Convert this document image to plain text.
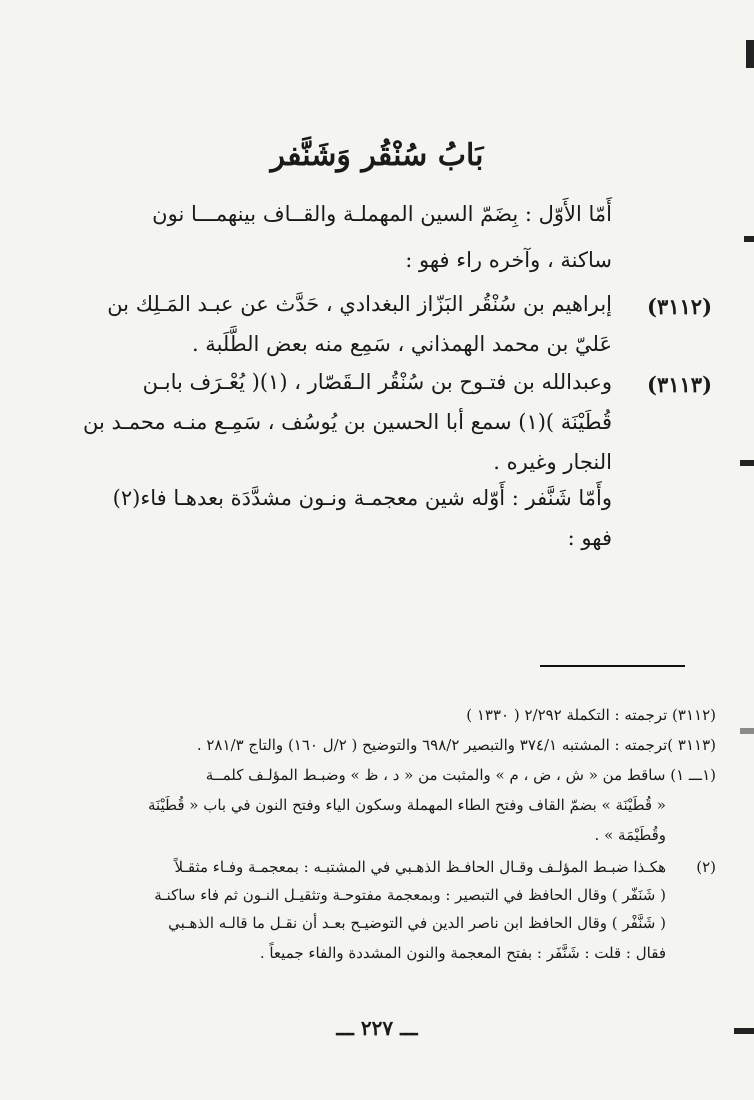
بَابُ سُنْقُر وَشَنَّفر
أَمّا الأَوّل : بِضَمّ السين المهملـة والقــاف بينهمـــا نون
ساكنة ، وآخره راء فهو :
(٣١١٢)
إبراهيم بن سُنْقُر البَزّاز البغدادي ، حَدَّث عن عبـد المَـلِك بن
عَليّ بن محمد الهمذاني ، سَمِع منه بعض الطَّلَبة .
(٣١١٣)
وعبدالله بن فتـوح بن سُنْقُر الـقَصّار ، (١)( يُعْـرَف بابـن
قُطَيْنَة )(١) سمع أبا الحسين بن يُوسُف ، سَمِـع منـه محمـد بن
النجار وغيره .
وأَمّا شَنَّفر : أَوّله شين معجمـة ونـون مشدَّدَة بعدهـا فاء(٢)
فهو :
(٣١١٢) ترجمته : التكملة ٢/٢٩٢ ( ١٣٣٠ )
(٣١١٣ )ترجمته : المشتبه ٣٧٤/١ والتبصير ٦٩٨/٢ والتوضيح ( ٢/ل ١٦٠) والتاج ٢٨١/٣ .
(١ـــ ١) ساقط من « ش ، ض ، م » والمثبت من « د ، ظ » وضبـط المؤلـف كلمــة
« قُطَيْنَة » بضمّ القاف وفتح الطاء المهملة وسكون الياء وفتح النون في باب « قُطَيْنَة
وقُطَيْمَة » .
(٢)
هكـذا ضبـط المؤلـف وقـال الحافـظ الذهـبي في المشتبـه : بمعجمـة وفـاء مثقـلاً
( شَنَفّر ) وقال الحافظ في التبصير : وبمعجمة مفتوحـة وتثقيـل النـون ثم فاء ساكنـة
( شَنَّفْر ) وقال الحافظ ابن ناصر الدين في التوضيـح بعـد أن نقـل ما قالـه الذهـبي
فقال : قلت : شَنَّفَر : بفتح المعجمة والنون المشددة والفاء جميعاً .
ـــ ٢٢٧ ـــ
